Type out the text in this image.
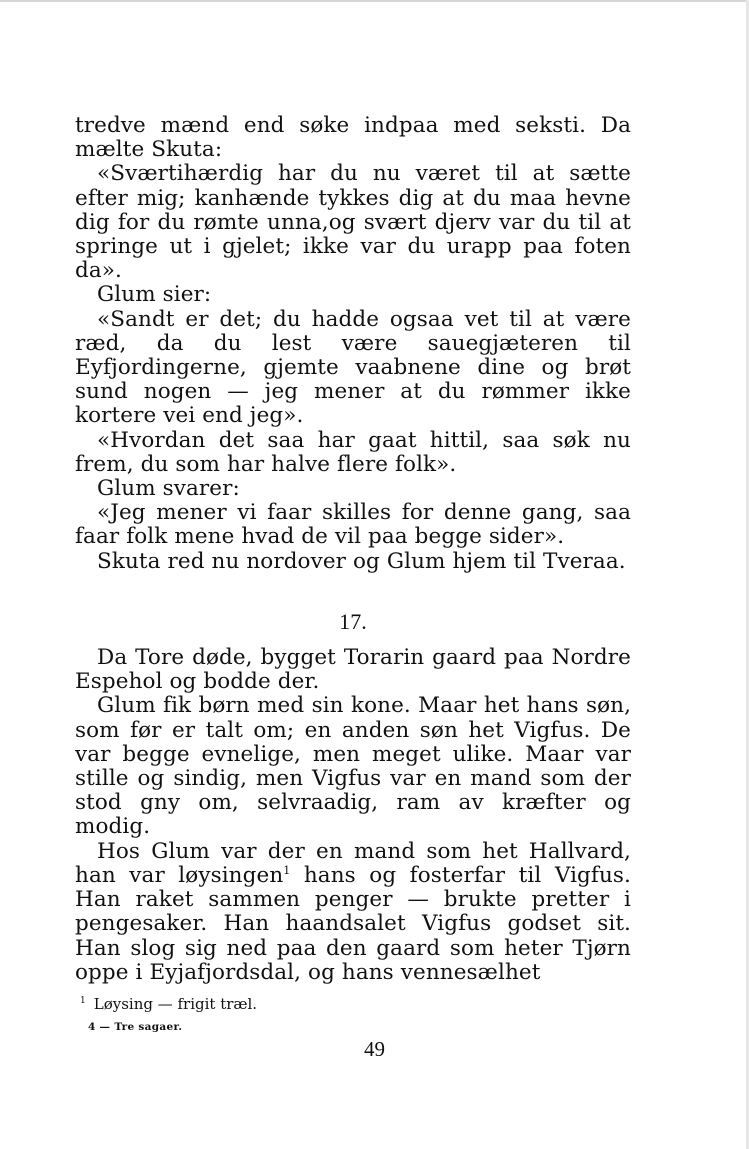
tredve mænd end søke indpaa med seksti. Da mælte Skuta:

«Sværtihærdig har du nu været til at sætte efter mig; kanhænde tykkes dig at du maa hevne dig for du rømte unna,og svært djerv var du til at springe ut i gjelet; ikke var du urapp paa foten da».

Glum sier:

«Sandt er det; du hadde ogsaa vet til at være ræd, da du lest være sauegjæteren til Eyfjordingerne, gjemte vaabnene dine og brøt sund nogen — jeg mener at du rømmer ikke kortere vei end jeg».

«Hvordan det saa har gaat hittil, saa søk nu frem, du som har halve flere folk».

Glum svarer:

«Jeg mener vi faar skilles for denne gang, saa faar folk mene hvad de vil paa begge sider».

Skuta red nu nordover og Glum hjem til Tveraa.

17.

Da Tore døde, bygget Torarin gaard paa Nordre Espehol og bodde der.

Glum fik børn med sin kone. Maar het hans søn, som før er talt om; en anden søn het Vigfus. De var begge evnelige, men meget ulike. Maar var stille og sindig, men Vigfus var en mand som der stod gny om, selvraadig, ram av kræfter og modig.

Hos Glum var der en mand som het Hallvard, han var løysingen$^1$ hans og fosterfar til Vigfus. Han raket sammen penger — brukte pretter i pengesaker. Han haandsalet Vigfus godset sit. Han slog sig ned paa den gaard som heter Tjørn oppe i Eyjafjordsdal, og hans vennesælhet

$^1$ Løysing — frigit træl.
4 — Tre sagaer.
49
